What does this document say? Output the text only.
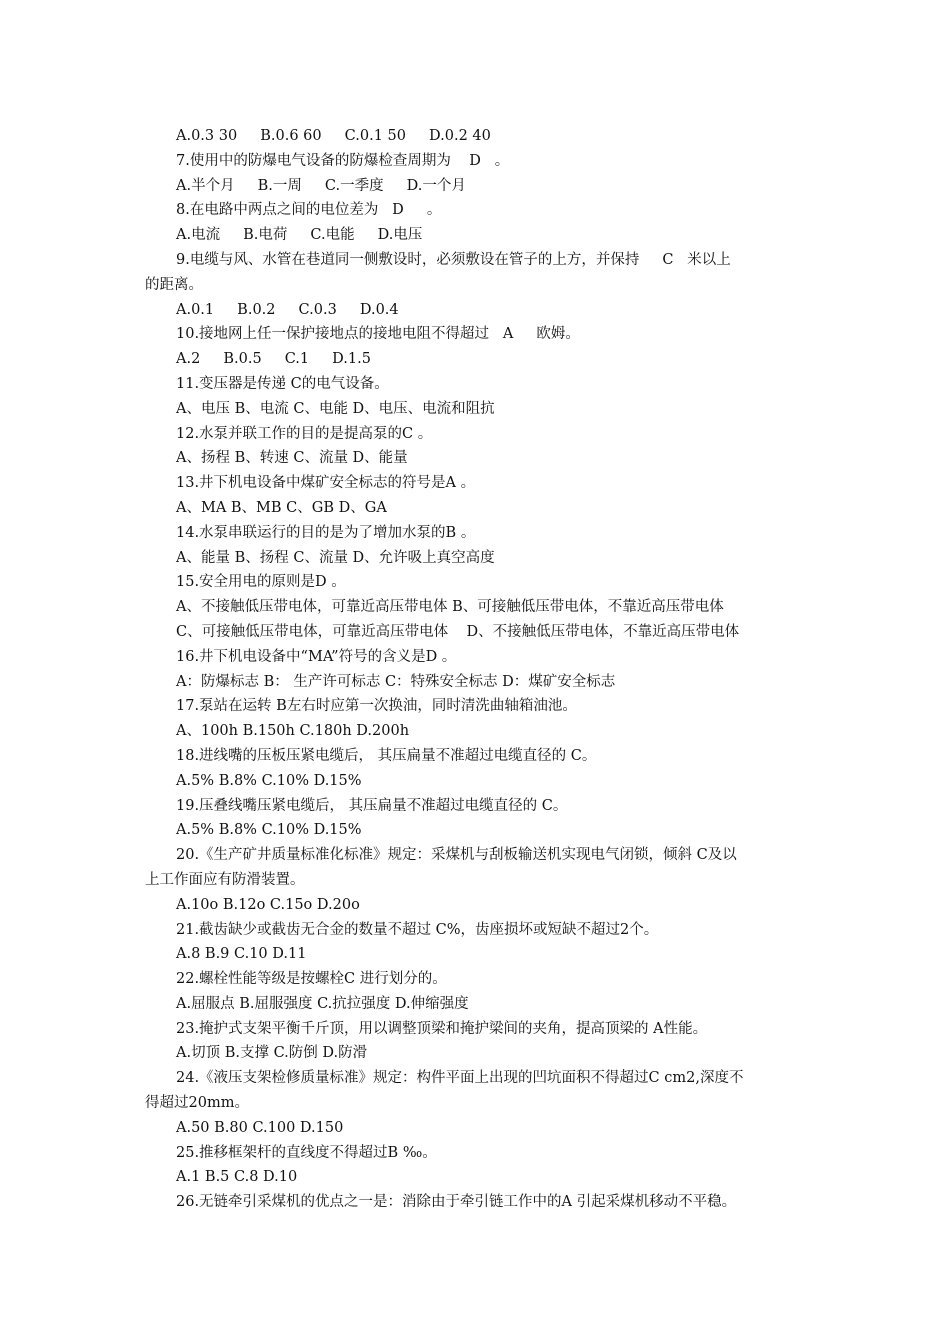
A.0.3 30     B.0.6 60     C.0.1 50     D.0.2 40
7.使用中的防爆电气设备的防爆检查周期为    D   。
A.半个月     B.一周     C.一季度     D.一个月
8.在电路中两点之间的电位差为   D     。
A.电流     B.电荷     C.电能     D.电压
9.电缆与风、水管在巷道同一侧敷设时，必须敷设在管子的上方，并保持     C   米以上
的距离。
A.0.1     B.0.2     C.0.3     D.0.4
10.接地网上任一保护接地点的接地电阻不得超过   A     欧姆。
A.2     B.0.5     C.1     D.1.5
11.变压器是传递 C的电气设备。
A、电压 B、电流 C、电能 D、电压、电流和阻抗
12.水泵并联工作的目的是提高泵的C 。
A、扬程 B、转速 C、流量 D、能量
13.井下机电设备中煤矿安全标志的符号是A 。
A、MA B、MB C、GB D、GA
14.水泵串联运行的目的是为了增加水泵的B 。
A、能量 B、扬程 C、流量 D、允许吸上真空高度
15.安全用电的原则是D 。
A、不接触低压带电体，可靠近高压带电体 B、可接触低压带电体，不靠近高压带电体
C、可接触低压带电体，可靠近高压带电体    D、不接触低压带电体，不靠近高压带电体
16.井下机电设备中“MA”符号的含义是D 。
A：防爆标志 B： 生产许可标志 C：特殊安全标志 D：煤矿安全标志
17.泵站在运转 B左右时应第一次换油，同时清洗曲轴箱油池。
A、100h B.150h C.180h D.200h
18.进线嘴的压板压紧电缆后， 其压扁量不准超过电缆直径的 C。
A.5% B.8% C.10% D.15%
19.压叠线嘴压紧电缆后， 其压扁量不准超过电缆直径的 C。
A.5% B.8% C.10% D.15%
20.《生产矿井质量标准化标准》规定：采煤机与刮板输送机实现电气闭锁，倾斜 C及以
上工作面应有防滑装置。
A.10o B.12o C.15o D.20o
21.截齿缺少或截齿无合金的数量不超过 C%，齿座损坏或短缺不超过2个。
A.8 B.9 C.10 D.11
22.螺栓性能等级是按螺栓C 进行划分的。
A.屈服点 B.屈服强度 C.抗拉强度 D.伸缩强度
23.掩护式支架平衡千斤顶，用以调整顶梁和掩护梁间的夹角，提高顶梁的 A性能。
A.切顶 B.支撑 C.防倒 D.防滑
24.《液压支架检修质量标准》规定：构件平面上出现的凹坑面积不得超过C cm2,深度不
得超过20mm。
A.50 B.80 C.100 D.150
25.推移框架杆的直线度不得超过B ‰。
A.1 B.5 C.8 D.10
26.无链牵引采煤机的优点之一是：消除由于牵引链工作中的A 引起采煤机移动不平稳。
